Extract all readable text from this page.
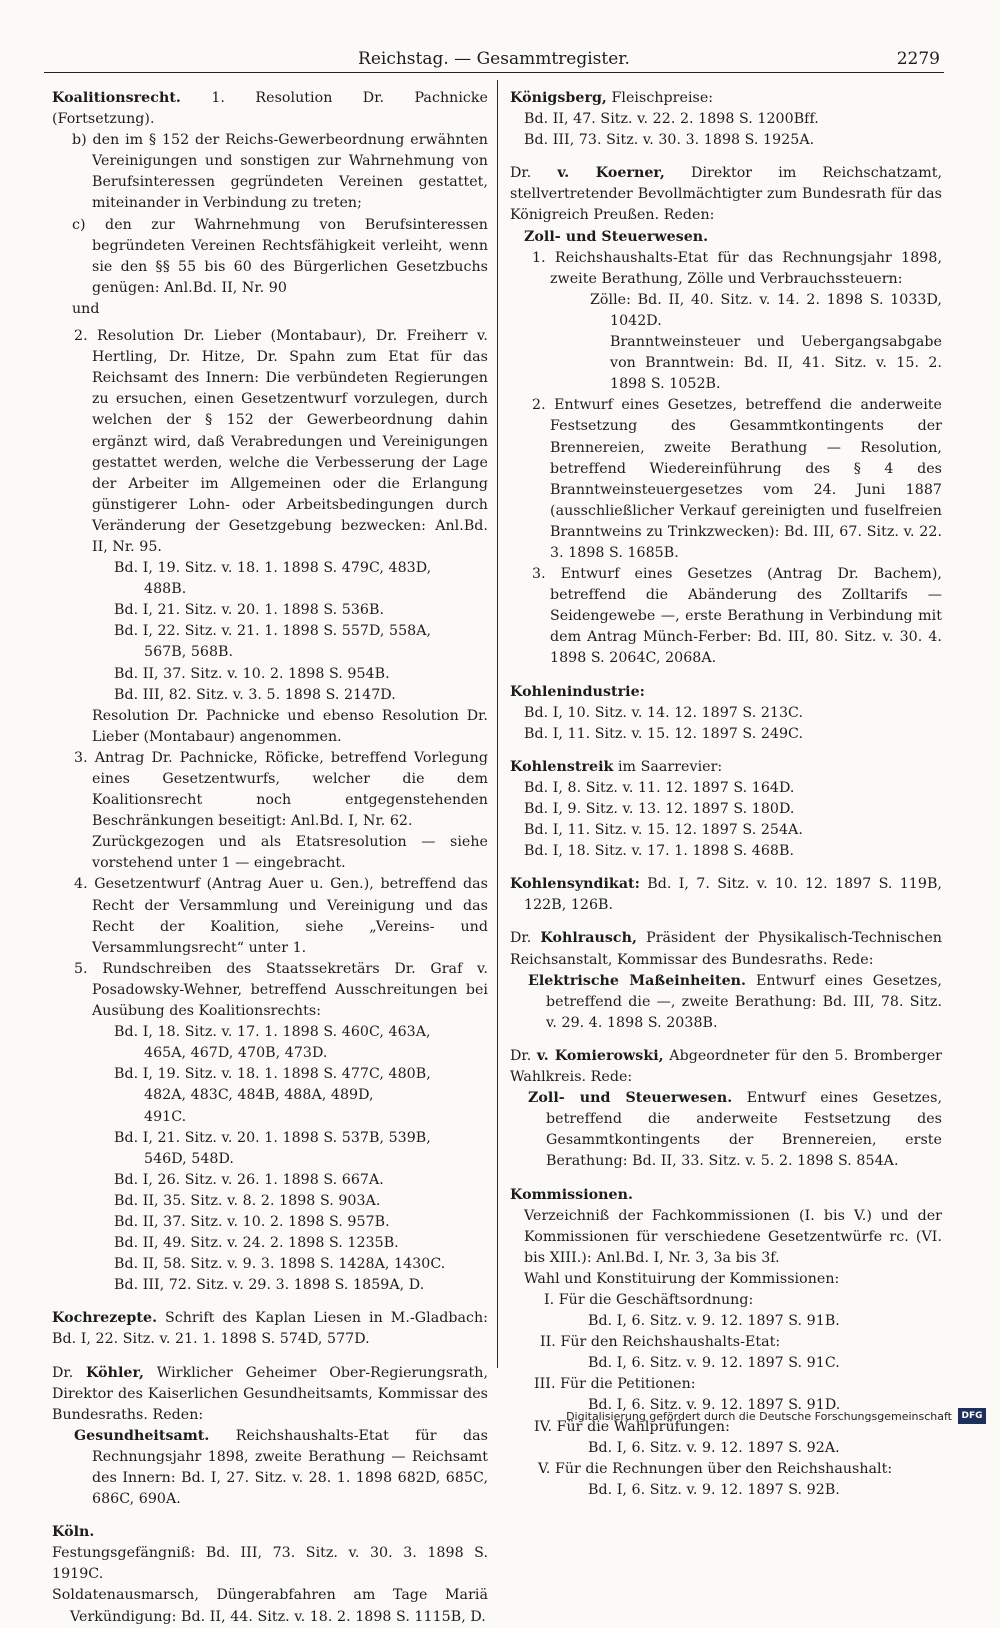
Reichstag. — Gesammtregister.	2279

Koalitionsrecht. 1. Resolution Dr. Pachnicke (Fortsetzung).

b) den im § 152 der Reichs-Gewerbeordnung erwähnten Vereinigungen und sonstigen zur Wahrnehmung von Berufsinteressen gegründeten Vereinen gestattet, miteinander in Verbindung zu treten;

c) den zur Wahrnehmung von Berufsinteressen begründeten Vereinen Rechtsfähigkeit verleiht, wenn sie den §§ 55 bis 60 des Bürgerlichen Gesetzbuchs genügen: Anl.Bd. II, Nr. 90

und

2. Resolution Dr. Lieber (Montabaur), Dr. Freiherr v. Hertling, Dr. Hitze, Dr. Spahn zum Etat für das Reichsamt des Innern: Die verbündeten Regierungen zu ersuchen, einen Gesetzentwurf vorzulegen, durch welchen der § 152 der Gewerbeordnung dahin ergänzt wird, daß Verabredungen und Vereinigungen gestattet werden, welche die Verbesserung der Lage der Arbeiter im Allgemeinen oder die Erlangung günstigerer Lohn- oder Arbeitsbedingungen durch Veränderung der Gesetzgebung bezwecken: Anl.Bd. II, Nr. 95.

Bd. I, 19. Sitz. v. 18. 1. 1898 S. 479C, 483D,
488B.
Bd. I, 21. Sitz. v. 20. 1. 1898 S. 536B.
Bd. I, 22. Sitz. v. 21. 1. 1898 S. 557D, 558A,
567B, 568B.
Bd. II, 37. Sitz. v. 10. 2. 1898 S. 954B.
Bd. III, 82. Sitz. v. 3. 5. 1898 S. 2147D.

Resolution Dr. Pachnicke und ebenso Resolution Dr. Lieber (Montabaur) angenommen.

3. Antrag Dr. Pachnicke, Röficke, betreffend Vorlegung eines Gesetzentwurfs, welcher die dem Koalitionsrecht noch entgegenstehenden Beschränkungen beseitigt: Anl.Bd. I, Nr. 62.

Zurückgezogen und als Etatsresolution — siehe vorstehend unter 1 — eingebracht.

4. Gesetzentwurf (Antrag Auer u. Gen.), betreffend das Recht der Versammlung und Vereinigung und das Recht der Koalition, siehe „Vereins- und Versammlungsrecht“ unter 1.

5. Rundschreiben des Staatssekretärs Dr. Graf v. Posadowsky-Wehner, betreffend Ausschreitungen bei Ausübung des Koalitionsrechts:

Bd. I, 18. Sitz. v. 17. 1. 1898 S. 460C, 463A,
465A, 467D, 470B, 473D.
Bd. I, 19. Sitz. v. 18. 1. 1898 S. 477C, 480B,
482A, 483C, 484B, 488A, 489D,
491C.
Bd. I, 21. Sitz. v. 20. 1. 1898 S. 537B, 539B,
546D, 548D.
Bd. I, 26. Sitz. v. 26. 1. 1898 S. 667A.
Bd. II, 35. Sitz. v. 8. 2. 1898 S. 903A.
Bd. II, 37. Sitz. v. 10. 2. 1898 S. 957B.
Bd. II, 49. Sitz. v. 24. 2. 1898 S. 1235B.
Bd. II, 58. Sitz. v. 9. 3. 1898 S. 1428A, 1430C.
Bd. III, 72. Sitz. v. 29. 3. 1898 S. 1859A, D.

Kochrezepte. Schrift des Kaplan Liesen in M.-Gladbach: Bd. I, 22. Sitz. v. 21. 1. 1898 S. 574D, 577D.

Dr. Köhler, Wirklicher Geheimer Ober-Regierungsrath, Direktor des Kaiserlichen Gesundheitsamts, Kommissar des Bundesraths. Reden:

Gesundheitsamt. Reichshaushalts-Etat für das Rechnungsjahr 1898, zweite Berathung — Reichsamt des Innern: Bd. I, 27. Sitz. v. 28. 1. 1898 682D, 685C, 686C, 690A.

Köln.

Festungsgefängniß: Bd. III, 73. Sitz. v. 30. 3. 1898 S. 1919C.

Soldatenausmarsch, Düngerabfahren am Tage Mariä Verkündigung: Bd. II, 44. Sitz. v. 18. 2. 1898 S. 1115B, D.

Königsberg, Fleischpreise:

Bd. II, 47. Sitz. v. 22. 2. 1898 S. 1200Bff.
Bd. III, 73. Sitz. v. 30. 3. 1898 S. 1925A.

Dr. v. Koerner, Direktor im Reichschatzamt, stellvertretender Bevollmächtigter zum Bundesrath für das Königreich Preußen. Reden:

Zoll- und Steuerwesen.

1. Reichshaushalts-Etat für das Rechnungsjahr 1898, zweite Berathung, Zölle und Verbrauchssteuern:

Zölle: Bd. II, 40. Sitz. v. 14. 2. 1898 S. 1033D, 1042D.

Branntweinsteuer und Uebergangsabgabe von Branntwein: Bd. II, 41. Sitz. v. 15. 2. 1898 S. 1052B.

2. Entwurf eines Gesetzes, betreffend die anderweite Festsetzung des Gesammtkontingents der Brennereien, zweite Berathung — Resolution, betreffend Wiedereinführung des § 4 des Branntweinsteuergesetzes vom 24. Juni 1887 (ausschließlicher Verkauf gereinigten und fuselfreien Branntweins zu Trinkzwecken): Bd. III, 67. Sitz. v. 22. 3. 1898 S. 1685B.

3. Entwurf eines Gesetzes (Antrag Dr. Bachem), betreffend die Abänderung des Zolltarifs — Seidengewebe —, erste Berathung in Verbindung mit dem Antrag Münch-Ferber: Bd. III, 80. Sitz. v. 30. 4. 1898 S. 2064C, 2068A.

Kohlenindustrie:

Bd. I, 10. Sitz. v. 14. 12. 1897 S. 213C.
Bd. I, 11. Sitz. v. 15. 12. 1897 S. 249C.

Kohlenstreik im Saarrevier:

Bd. I, 8. Sitz. v. 11. 12. 1897 S. 164D.
Bd. I, 9. Sitz. v. 13. 12. 1897 S. 180D.
Bd. I, 11. Sitz. v. 15. 12. 1897 S. 254A.
Bd. I, 18. Sitz. v. 17. 1. 1898 S. 468B.

Kohlensyndikat: Bd. I, 7. Sitz. v. 10. 12. 1897 S. 119B, 122B, 126B.

Dr. Kohlrausch, Präsident der Physikalisch-Technischen Reichsanstalt, Kommissar des Bundesraths. Rede:

Elektrische Maßeinheiten. Entwurf eines Gesetzes, betreffend die —, zweite Berathung: Bd. III, 78. Sitz. v. 29. 4. 1898 S. 2038B.

Dr. v. Komierowski, Abgeordneter für den 5. Bromberger Wahlkreis. Rede:

Zoll- und Steuerwesen. Entwurf eines Gesetzes, betreffend die anderweite Festsetzung des Gesammtkontingents der Brennereien, erste Berathung: Bd. II, 33. Sitz. v. 5. 2. 1898 S. 854A.

Kommissionen.

Verzeichniß der Fachkommissionen (I. bis V.) und der Kommissionen für verschiedene Gesetzentwürfe rc. (VI. bis XIII.): Anl.Bd. I, Nr. 3, 3a bis 3f.

Wahl und Konstituirung der Kommissionen:

I. Für die Geschäftsordnung:
Bd. I, 6. Sitz. v. 9. 12. 1897 S. 91B.
II. Für den Reichshaushalts-Etat:
Bd. I, 6. Sitz. v. 9. 12. 1897 S. 91C.
III. Für die Petitionen:
Bd. I, 6. Sitz. v. 9. 12. 1897 S. 91D.
IV. Für die Wahlprüfungen:
Bd. I, 6. Sitz. v. 9. 12. 1897 S. 92A.
V. Für die Rechnungen über den Reichshaushalt:
Bd. I, 6. Sitz. v. 9. 12. 1897 S. 92B.
Digitalisierung gefördert durch die Deutsche Forschungsgemeinschaft	DFG
